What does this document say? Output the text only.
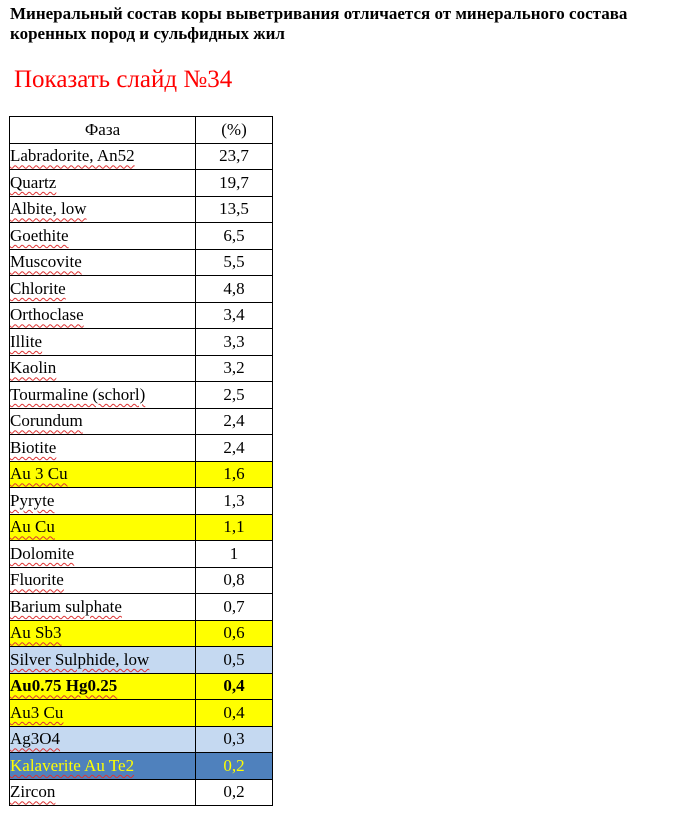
Минеральный состав коры выветривания отличается от минерального состава коренных пород и сульфидных жил

Показать слайд №34
Фаза	(%)
Labradorite, An52	23,7
Quartz	19,7
Albite, low	13,5
Goethite	6,5
Muscovite	5,5
Chlorite	4,8
Orthoclase	3,4
Illite	3,3
Kaolin	3,2
Tourmaline (schorl)	2,5
Corundum	2,4
Biotite	2,4
Au 3 Cu	1,6
Pyryte	1,3
Au Cu	1,1
Dolomite	1
Fluorite	0,8
Barium sulphate	0,7
Au Sb3	0,6
Silver Sulphide, low	0,5
Au0.75 Hg0.25	0,4
Au3 Cu	0,4
Ag3O4	0,3
Kalaverite Au Te2	0,2
Zircon	0,2
